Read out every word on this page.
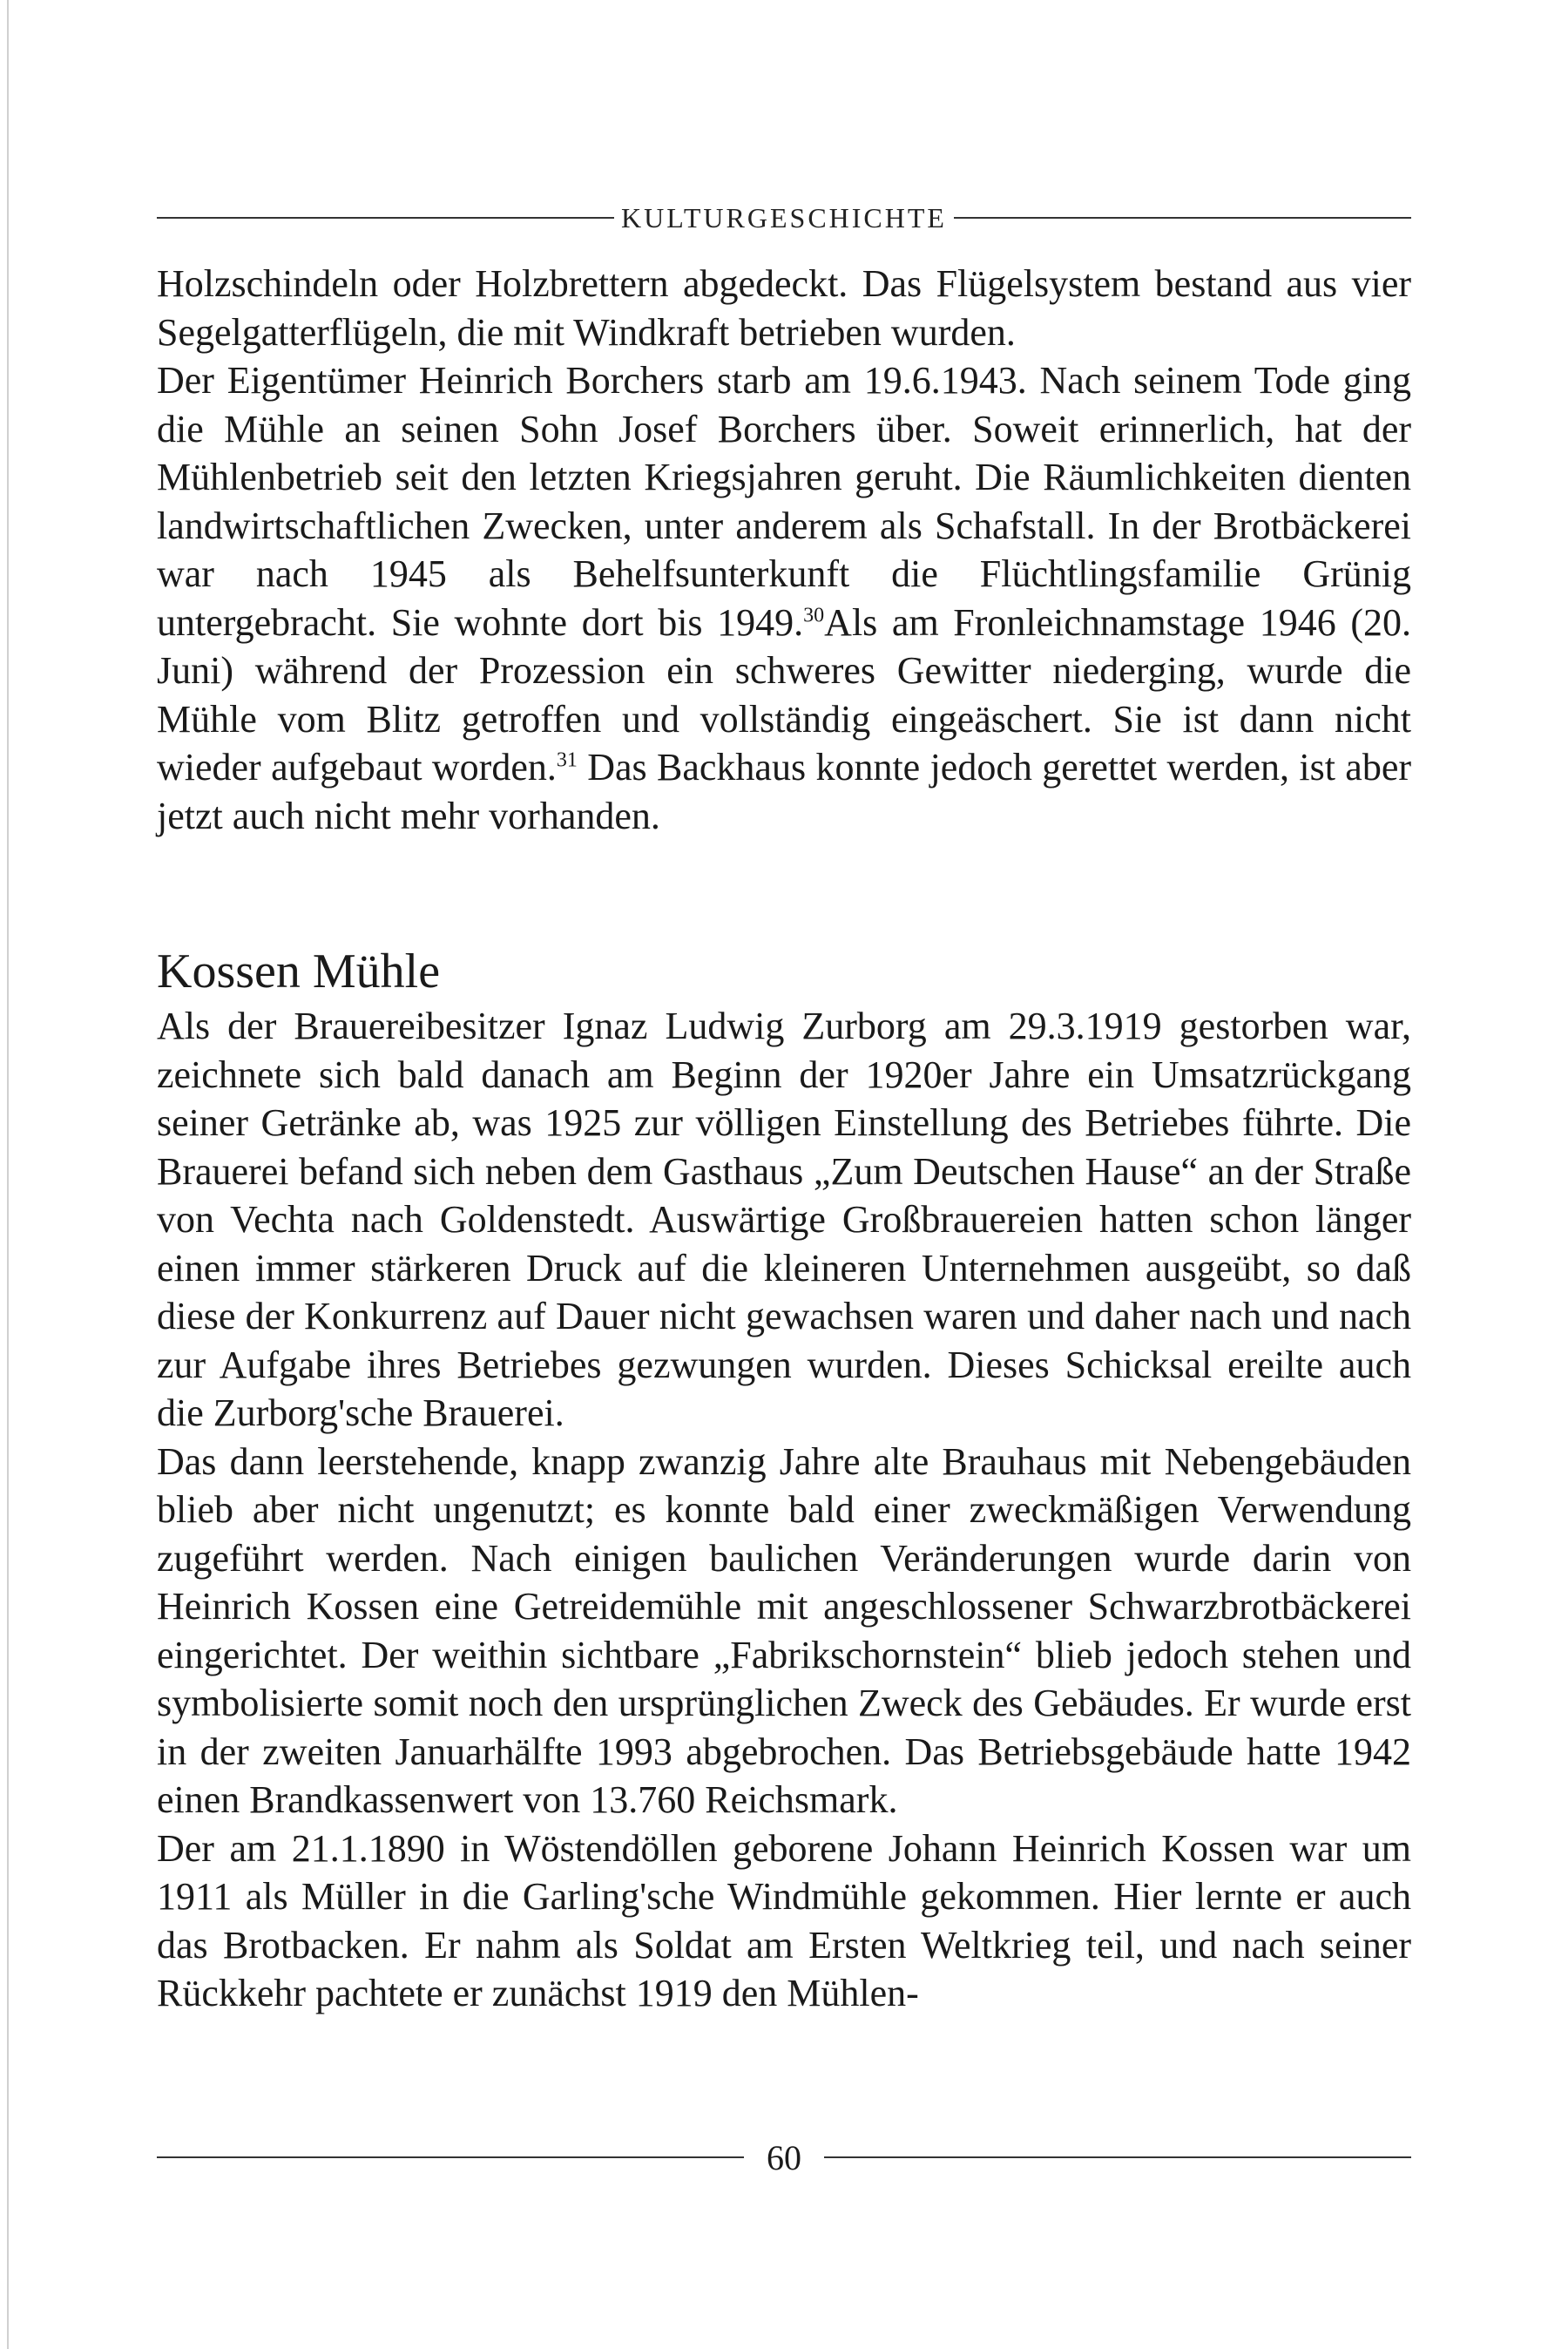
KULTURGESCHICHTE

Holzschindeln oder Holzbrettern abgedeckt. Das Flügelsystem bestand aus vier Segelgatterflügeln, die mit Windkraft betrieben wurden.

Der Eigentümer Heinrich Borchers starb am 19.6.1943. Nach seinem Tode ging die Mühle an seinen Sohn Josef Borchers über. Soweit erinnerlich, hat der Mühlenbetrieb seit den letzten Kriegsjahren geruht. Die Räumlichkeiten dienten landwirtschaftlichen Zwecken, unter anderem als Schafstall. In der Brotbäckerei war nach 1945 als Behelfsunterkunft die Flüchtlingsfamilie Grünig untergebracht. Sie wohnte dort bis 1949.30Als am Fronleichnamstage 1946 (20. Juni) während der Prozession ein schweres Gewitter niederging, wurde die Mühle vom Blitz getroffen und vollständig eingeäschert. Sie ist dann nicht wieder aufgebaut worden.$^{31}$ Das Backhaus konnte jedoch gerettet werden, ist aber jetzt auch nicht mehr vorhanden.

Kossen Mühle

Als der Brauereibesitzer Ignaz Ludwig Zurborg am 29.3.1919 gestorben war, zeichnete sich bald danach am Beginn der 1920er Jahre ein Umsatzrückgang seiner Getränke ab, was 1925 zur völligen Einstellung des Betriebes führte. Die Brauerei befand sich neben dem Gasthaus „Zum Deutschen Hause“ an der Straße von Vechta nach Goldenstedt. Auswärtige Großbrauereien hatten schon länger einen immer stärkeren Druck auf die kleineren Unternehmen ausgeübt, so daß diese der Konkurrenz auf Dauer nicht gewachsen waren und daher nach und nach zur Aufgabe ihres Betriebes gezwungen wurden. Dieses Schicksal ereilte auch die Zurborg'sche Brauerei.

Das dann leerstehende, knapp zwanzig Jahre alte Brauhaus mit Nebengebäuden blieb aber nicht ungenutzt; es konnte bald einer zweckmäßigen Verwendung zugeführt werden. Nach einigen baulichen Veränderungen wurde darin von Heinrich Kossen eine Getreidemühle mit angeschlossener Schwarzbrotbäckerei eingerichtet. Der weithin sichtbare „Fabrikschornstein“ blieb jedoch stehen und symbolisierte somit noch den ursprünglichen Zweck des Gebäudes. Er wurde erst in der zweiten Januarhälfte 1993 abgebrochen. Das Betriebsgebäude hatte 1942 einen Brandkassenwert von 13.760 Reichsmark.

Der am 21.1.1890 in Wöstendöllen geborene Johann Heinrich Kossen war um 1911 als Müller in die Garling'sche Windmühle gekommen. Hier lernte er auch das Brotbacken. Er nahm als Soldat am Ersten Weltkrieg teil, und nach seiner Rückkehr pachtete er zunächst 1919 den Mühlen-

60
